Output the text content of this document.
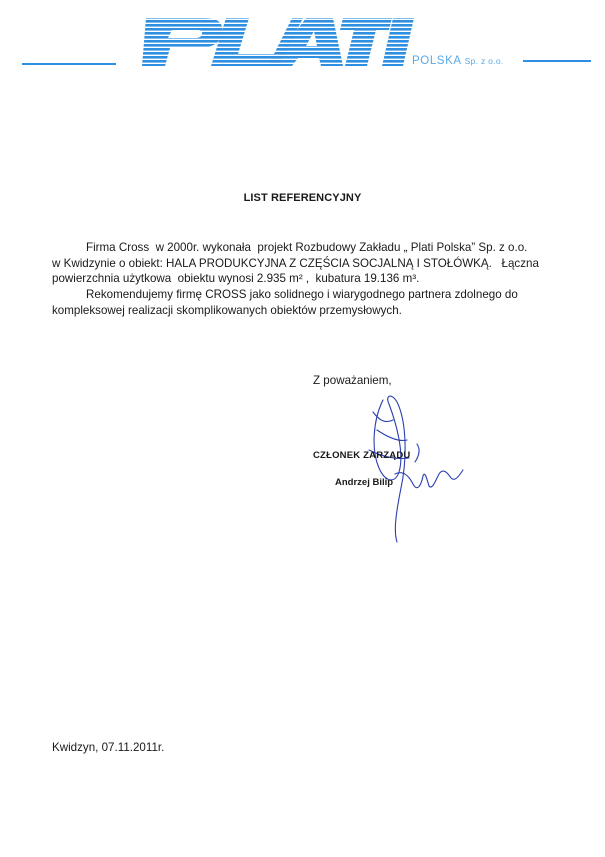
POLSKA Sp. z o.o.
LIST REFERENCYJNY
Firma Cross  w 2000r. wykonała  projekt Rozbudowy Zakładu „ Plati Polska” Sp. z o.o.
w Kwidzynie o obiekt: HALA PRODUKCYJNA Z CZĘŚCIA SOCJALNĄ I STOŁÓWKĄ.   Łączna
powierzchnia użytkowa  obiektu wynosi 2.935 m² ,  kubatura 19.136 m³.
Rekomendujemy firmę CROSS jako solidnego i wiarygodnego partnera zdolnego do
kompleksowej realizacji skomplikowanych obiektów przemysłowych.
Z poważaniem,
CZŁONEK ZARZĄDU
Andrzej Bilip
Kwidzyn, 07.11.2011r.
